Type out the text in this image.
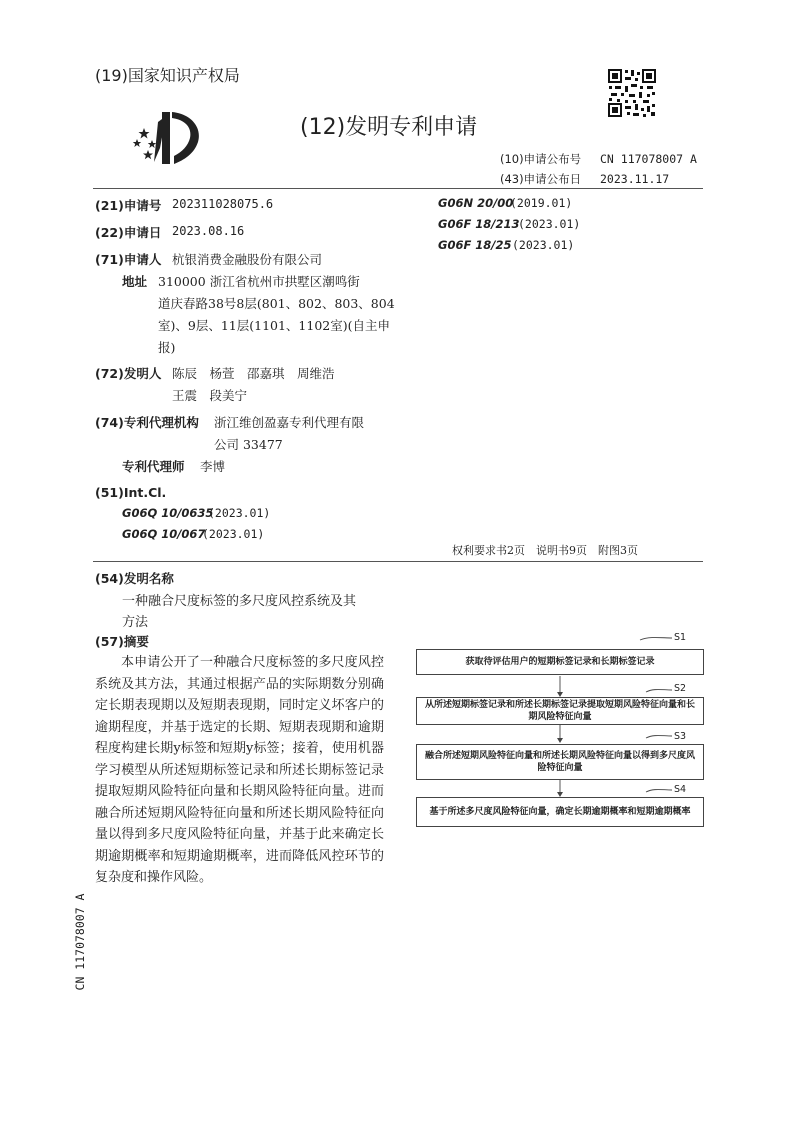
(19)国家知识产权局
(12)发明专利申请
(10)申请公布号 CN 117078007 A
(43)申请公布日 2023.11.17
(21)申请号 202311028075.6
(22)申请日 2023.08.16
(71)申请人 杭银消费金融股份有限公司
地址 310000 浙江省杭州市拱墅区潮鸣街
道庆春路38号8层(801、802、803、804
室)、9层、11层(1101、1102室)(自主申
报)
(72)发明人 陈辰　杨萱　邵嘉琪　周维浩
王震　段美宁
(74)专利代理机构 浙江维创盈嘉专利代理有限
公司 33477
专利代理师 李博
(51)Int.Cl.
G06Q 10/0635
(2023.01)
G06Q 10/067
(2023.01)
G06N 20/00
(2019.01)
G06F 18/213
(2023.01)
G06F 18/25 (2023.01)
权利要求书2页　说明书9页　附图3页
(54)发明名称
一种融合尺度标签的多尺度风控系统及其
方法
(57)摘要

本申请公开了一种融合尺度标签的多尺度风控系统及其方法，其通过根据产品的实际期数分别确定长期表现期以及短期表现期，同时定义坏客户的逾期程度，并基于选定的长期、短期表现期和逾期程度构建长期y标签和短期y标签；接着，使用机器学习模型从所述短期标签记录和所述长期标签记录提取短期风险特征向量和长期风险特征向量。进而融合所述短期风险特征向量和所述长期风险特征向量以得到多尺度风险特征向量，并基于此来确定长期逾期概率和短期逾期概率，进而降低风控环节的复杂度和操作风险。

S1
获取待评估用户的短期标签记录和长期标签记录
S2
从所述短期标签记录和所述长期标签记录提取短期风险特征向量和长期风险特征向量
S3
融合所述短期风险特征向量和所述长期风险特征向量以得到多尺度风险特征向量
S4
基于所述多尺度风险特征向量，确定长期逾期概率和短期逾期概率
CN 117078007 A
